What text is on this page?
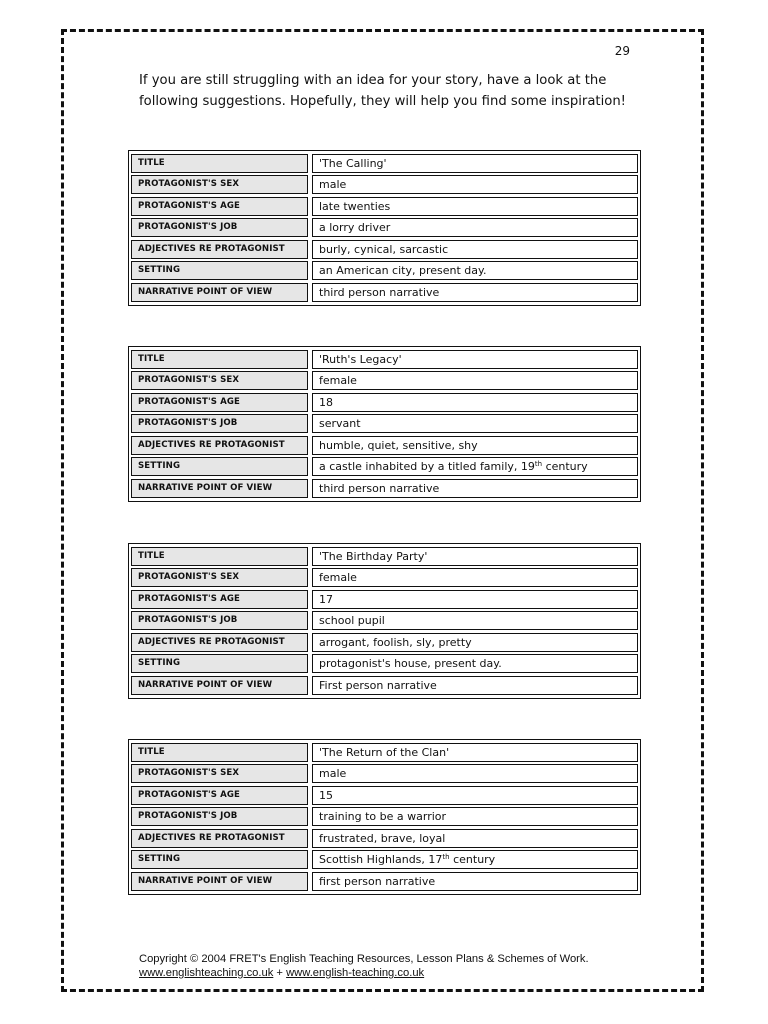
29
If you are still struggling with an idea for your story, have a look at the
following suggestions. Hopefully, they will help you find some inspiration!
TITLE	'The Calling'
PROTAGONIST'S SEX	male
PROTAGONIST'S AGE	late twenties
PROTAGONIST'S JOB	a lorry driver
ADJECTIVES RE PROTAGONIST	burly, cynical, sarcastic
SETTING	an American city, present day.
NARRATIVE POINT OF VIEW	third person narrative
TITLE	'Ruth's Legacy'
PROTAGONIST'S SEX	female
PROTAGONIST'S AGE	18
PROTAGONIST'S JOB	servant
ADJECTIVES RE PROTAGONIST	humble, quiet, sensitive, shy
SETTING	a castle inhabited by a titled family, 19th century
NARRATIVE POINT OF VIEW	third person narrative
TITLE	'The Birthday Party'
PROTAGONIST'S SEX	female
PROTAGONIST'S AGE	17
PROTAGONIST'S JOB	school pupil
ADJECTIVES RE PROTAGONIST	arrogant, foolish, sly, pretty
SETTING	protagonist's house, present day.
NARRATIVE POINT OF VIEW	First person narrative
TITLE	'The Return of the Clan'
PROTAGONIST'S SEX	male
PROTAGONIST'S AGE	15
PROTAGONIST'S JOB	training to be a warrior
ADJECTIVES RE PROTAGONIST	frustrated, brave, loyal
SETTING	Scottish Highlands, 17th century
NARRATIVE POINT OF VIEW	first person narrative
Copyright © 2004 FRET's English Teaching Resources, Lesson Plans & Schemes of Work.
www.englishteaching.co.uk + www.english-teaching.co.uk
